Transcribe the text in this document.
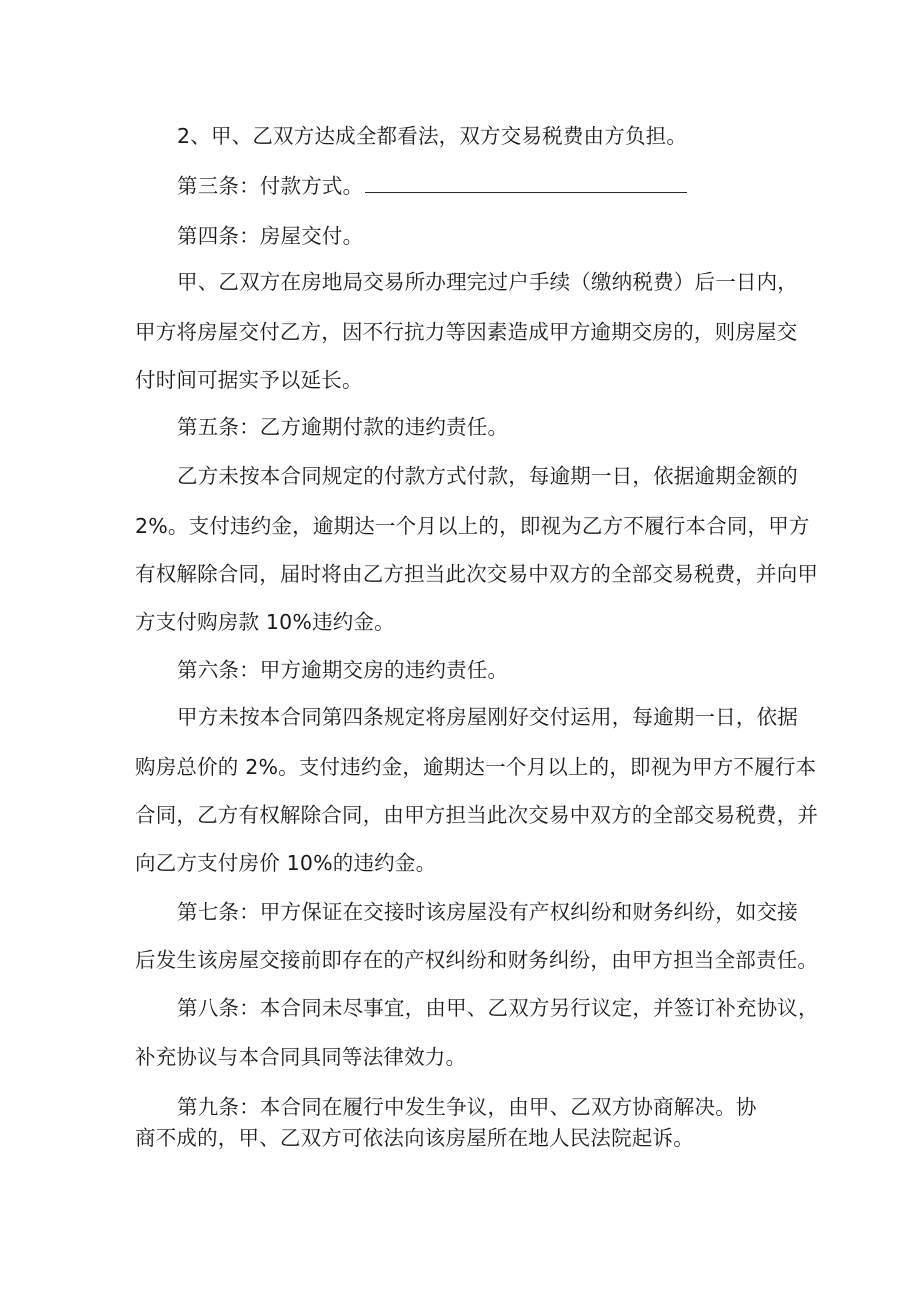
2、甲、乙双方达成全都看法，双方交易税费由方负担。
第三条：付款方式。
第四条：房屋交付。
甲、乙双方在房地局交易所办理完过户手续（缴纳税费）后一日内，
甲方将房屋交付乙方，因不行抗力等因素造成甲方逾期交房的，则房屋交
付时间可据实予以延长。
第五条：乙方逾期付款的违约责任。
乙方未按本合同规定的付款方式付款，每逾期一日，依据逾期金额的
2%。支付违约金，逾期达一个月以上的，即视为乙方不履行本合同，甲方
有权解除合同，届时将由乙方担当此次交易中双方的全部交易税费，并向甲
方支付购房款 10%违约金。
第六条：甲方逾期交房的违约责任。
甲方未按本合同第四条规定将房屋刚好交付运用，每逾期一日，依据
购房总价的 2%。支付违约金，逾期达一个月以上的，即视为甲方不履行本
合同，乙方有权解除合同，由甲方担当此次交易中双方的全部交易税费，并
向乙方支付房价 10%的违约金。
第七条：甲方保证在交接时该房屋没有产权纠纷和财务纠纷，如交接
后发生该房屋交接前即存在的产权纠纷和财务纠纷，由甲方担当全部责任。
第八条：本合同未尽事宜，由甲、乙双方另行议定，并签订补充协议，
补充协议与本合同具同等法律效力。
第九条：本合同在履行中发生争议，由甲、乙双方协商解决。协
商不成的，甲、乙双方可依法向该房屋所在地人民法院起诉。
